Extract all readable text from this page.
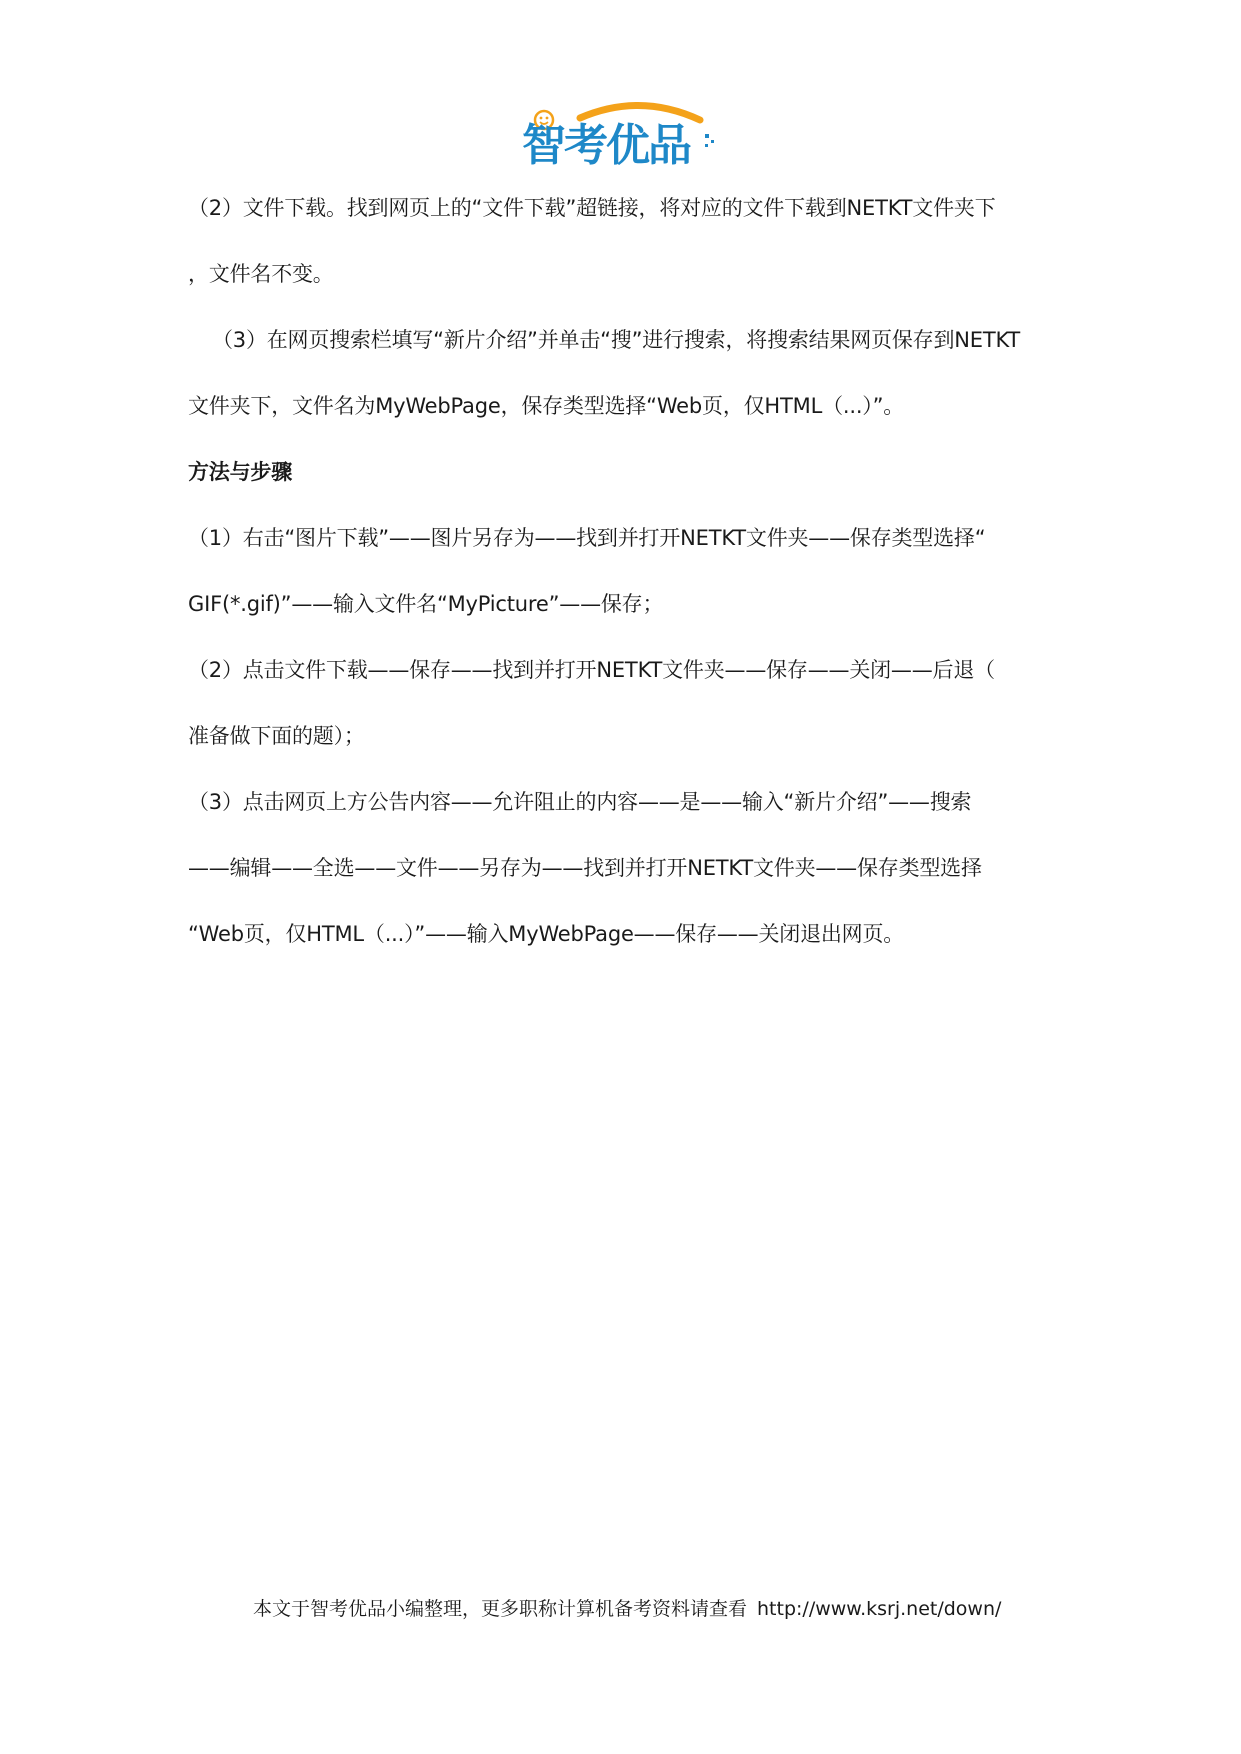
智考优品
（2）文件下载。找到网页上的“文件下载”超链接，将对应的文件下载到NETKT文件夹下
，文件名不变。
（3）在网页搜索栏填写“新片介绍”并单击“搜”进行搜索，将搜索结果网页保存到NETKT
文件夹下，文件名为MyWebPage，保存类型选择“Web页，仅HTML（...）”。
方法与步骤
（1）右击“图片下载”——图片另存为——找到并打开NETKT文件夹——保存类型选择“
GIF(*.gif)”——输入文件名“MyPicture”——保存；
（2）点击文件下载——保存——找到并打开NETKT文件夹——保存——关闭——后退（
准备做下面的题）；
（3）点击网页上方公告内容——允许阻止的内容——是——输入“新片介绍”——搜索
——编辑——全选——文件——另存为——找到并打开NETKT文件夹——保存类型选择
“Web页，仅HTML（...）”——输入MyWebPage——保存——关闭退出网页。
本文于智考优品小编整理，更多职称计算机备考资料请查看 http://www.ksrj.net/down/
